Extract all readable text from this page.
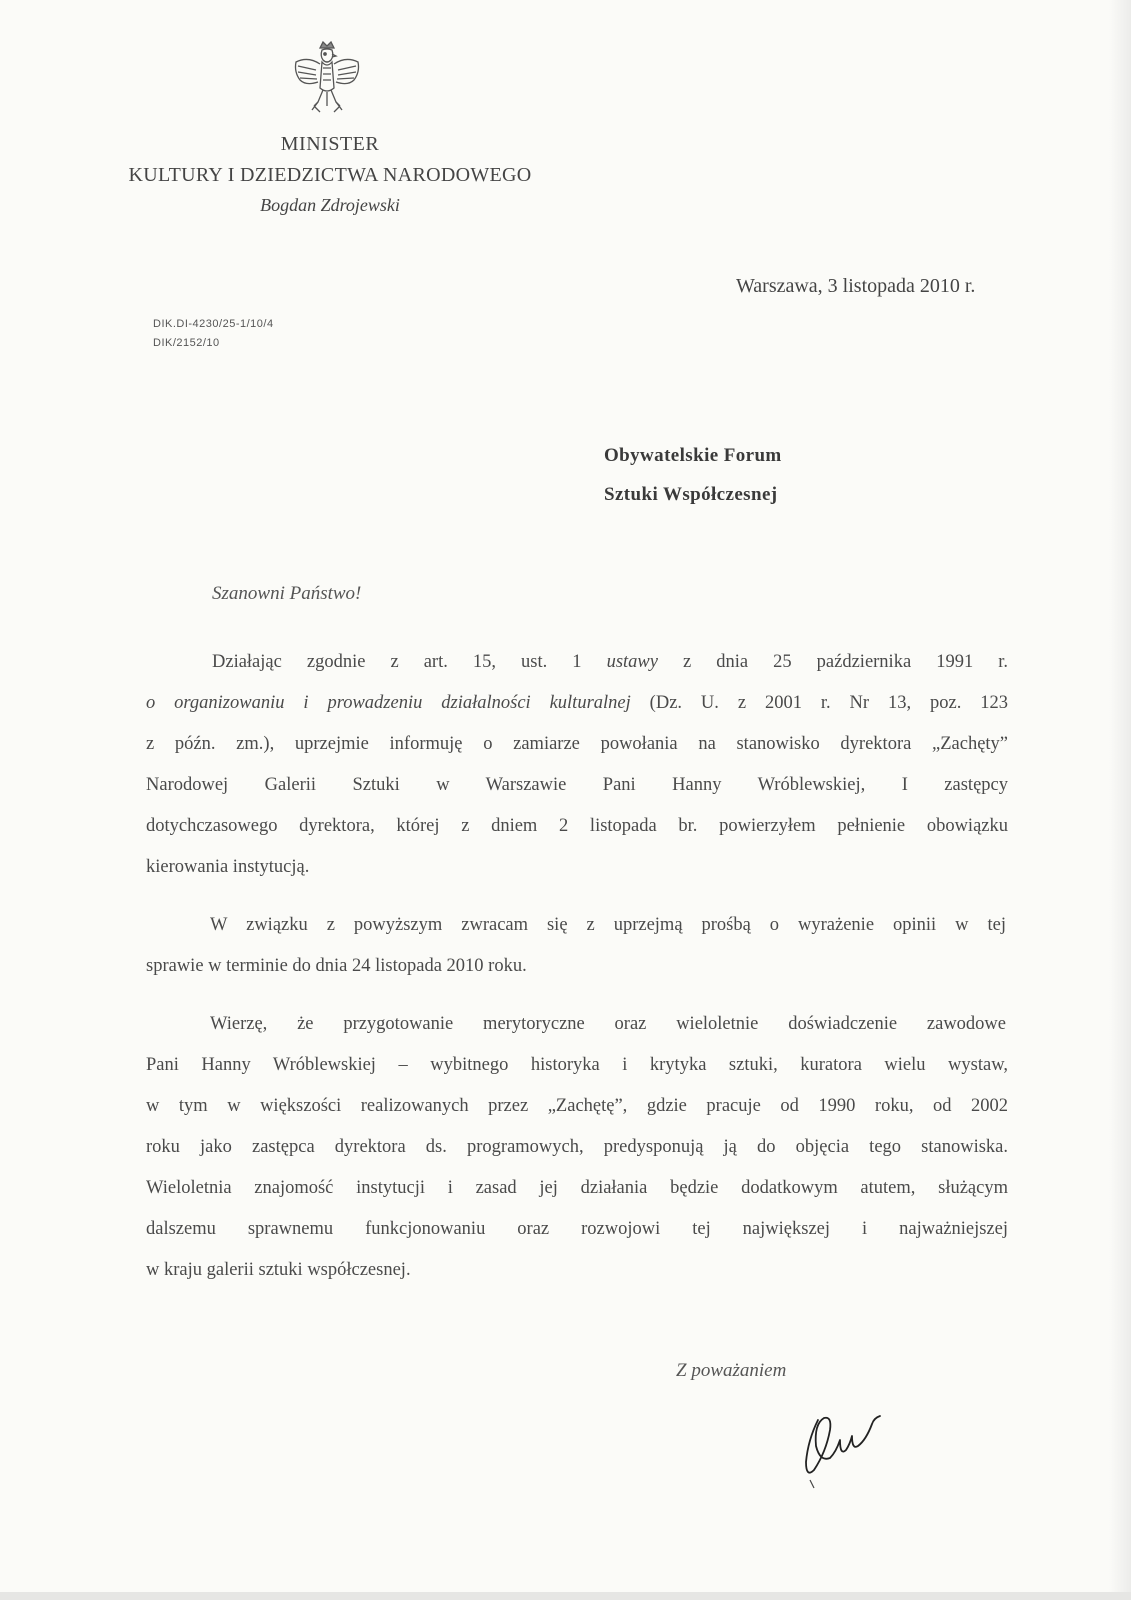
MINISTER
KULTURY I DZIEDZICTWA NARODOWEGO
Bogdan Zdrojewski
Warszawa, 3 listopada 2010 r.
DIK.DI-4230/25-1/10/4
DIK/2152/10
Obywatelskie Forum
Sztuki Współczesnej
Szanowni Państwo!
Działając zgodnie z art. 15, ust. 1 ustawy z dnia 25 października 1991 r.
o organizowaniu i prowadzeniu działalności kulturalnej (Dz. U. z 2001 r. Nr 13, poz. 123
z późn. zm.), uprzejmie informuję o zamiarze powołania na stanowisko dyrektora „Zachęty”
Narodowej Galerii Sztuki w Warszawie Pani Hanny Wróblewskiej, I zastępcy
dotychczasowego dyrektora, której z dniem 2 listopada br. powierzyłem pełnienie obowiązku
kierowania instytucją.
W związku z powyższym zwracam się z uprzejmą prośbą o wyrażenie opinii w tej
sprawie w terminie do dnia 24 listopada 2010 roku.
Wierzę, że przygotowanie merytoryczne oraz wieloletnie doświadczenie zawodowe
Pani Hanny Wróblewskiej – wybitnego historyka i krytyka sztuki, kuratora wielu wystaw,
w tym w większości realizowanych przez „Zachętę”, gdzie pracuje od 1990 roku, od 2002
roku jako zastępca dyrektora ds. programowych, predysponują ją do objęcia tego stanowiska.
Wieloletnia znajomość instytucji i zasad jej działania będzie dodatkowym atutem, służącym
dalszemu sprawnemu funkcjonowaniu oraz rozwojowi tej największej i najważniejszej
w kraju galerii sztuki współczesnej.
Z poważaniem
